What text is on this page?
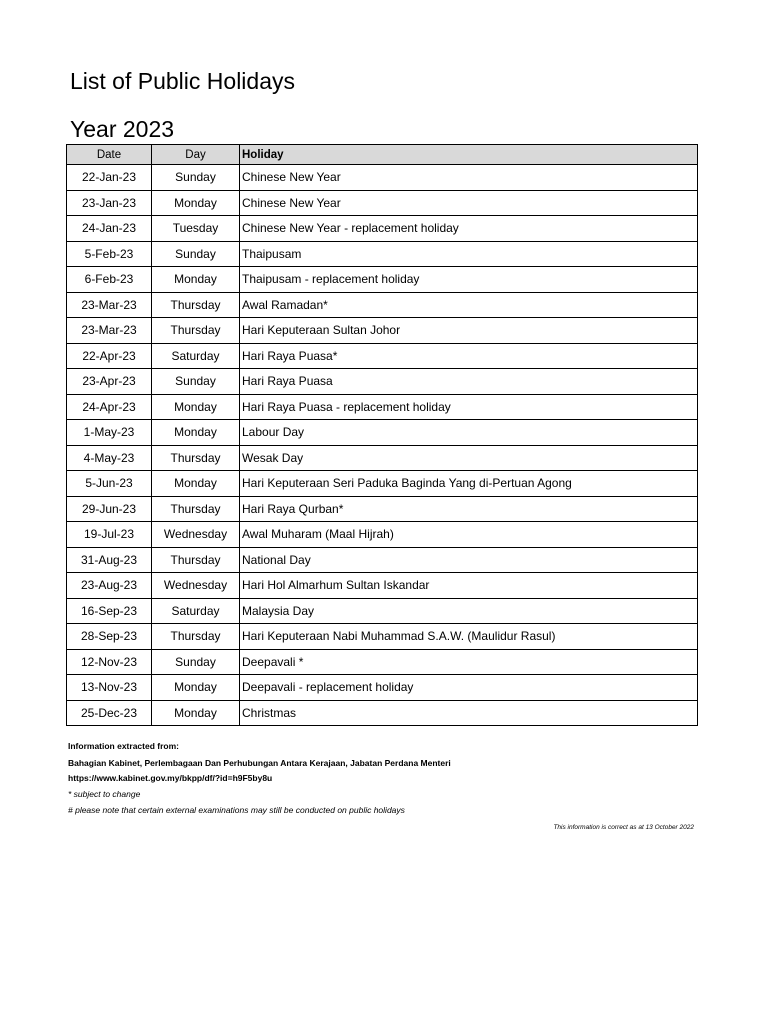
List of Public Holidays
Year 2023
Date	Day	Holiday
22-Jan-23	Sunday	Chinese New Year
23-Jan-23	Monday	Chinese New Year
24-Jan-23	Tuesday	Chinese New Year - replacement holiday
5-Feb-23	Sunday	Thaipusam
6-Feb-23	Monday	Thaipusam - replacement holiday
23-Mar-23	Thursday	Awal Ramadan*
23-Mar-23	Thursday	Hari Keputeraan Sultan Johor
22-Apr-23	Saturday	Hari Raya Puasa*
23-Apr-23	Sunday	Hari Raya Puasa
24-Apr-23	Monday	Hari Raya Puasa - replacement holiday
1-May-23	Monday	Labour Day
4-May-23	Thursday	Wesak Day
5-Jun-23	Monday	Hari Keputeraan Seri Paduka Baginda Yang di-Pertuan Agong
29-Jun-23	Thursday	Hari Raya Qurban*
19-Jul-23	Wednesday	Awal Muharam (Maal Hijrah)
31-Aug-23	Thursday	National Day
23-Aug-23	Wednesday	Hari Hol Almarhum Sultan Iskandar
16-Sep-23	Saturday	Malaysia Day
28-Sep-23	Thursday	Hari Keputeraan Nabi Muhammad S.A.W. (Maulidur Rasul)
12-Nov-23	Sunday	Deepavali *
13-Nov-23	Monday	Deepavali - replacement holiday
25-Dec-23	Monday	Christmas
Information extracted from:
Bahagian Kabinet, Perlembagaan Dan Perhubungan Antara Kerajaan, Jabatan Perdana Menteri
https://www.kabinet.gov.my/bkpp/df/?id=h9F5by8u
* subject to change
# please note that certain external examinations may still be conducted on public holidays
This information is correct as at 13 October 2022
